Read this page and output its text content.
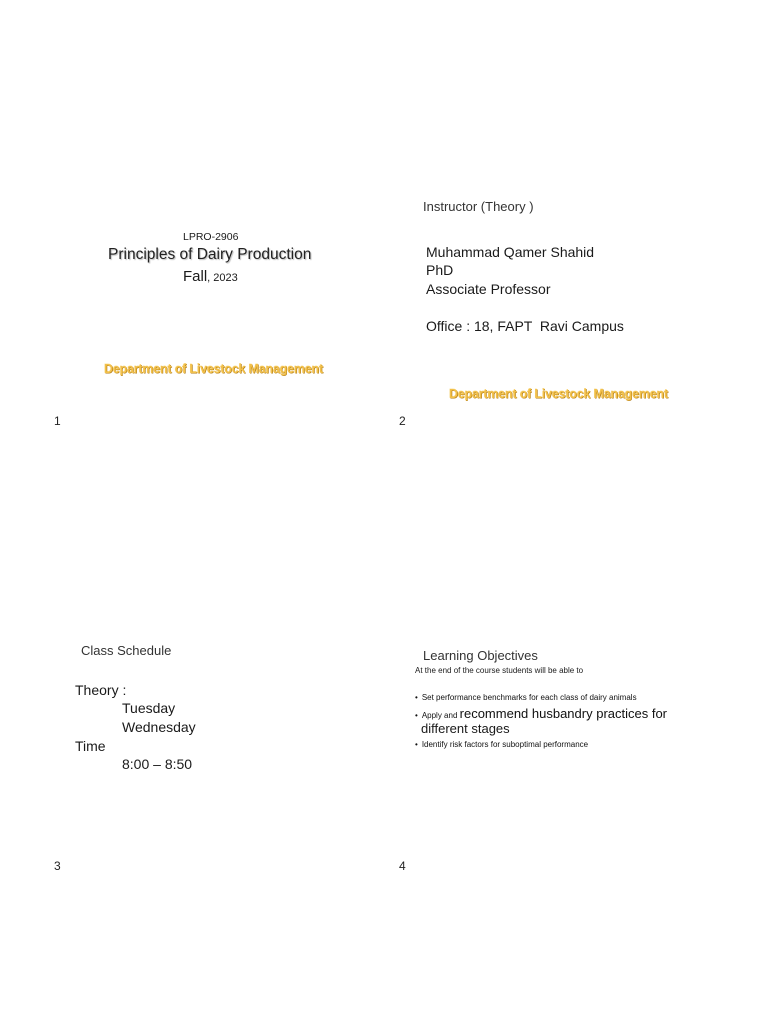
LPRO-2906
Principles of Dairy Production
Fall, 2023
Department of Livestock Management
1
Instructor (Theory )
Muhammad Qamer Shahid
PhD
Associate Professor
Office : 18, FAPT  Ravi Campus
Department of Livestock Management
2
Class Schedule
Theory :
Tuesday
Wednesday
Time
8:00 – 8:50
3
Learning Objectives
At the end of the course students will be able to
• Set performance benchmarks for each class of dairy animals
• Apply and recommend husbandry practices for
different stages
• Identify risk factors for suboptimal performance
4
